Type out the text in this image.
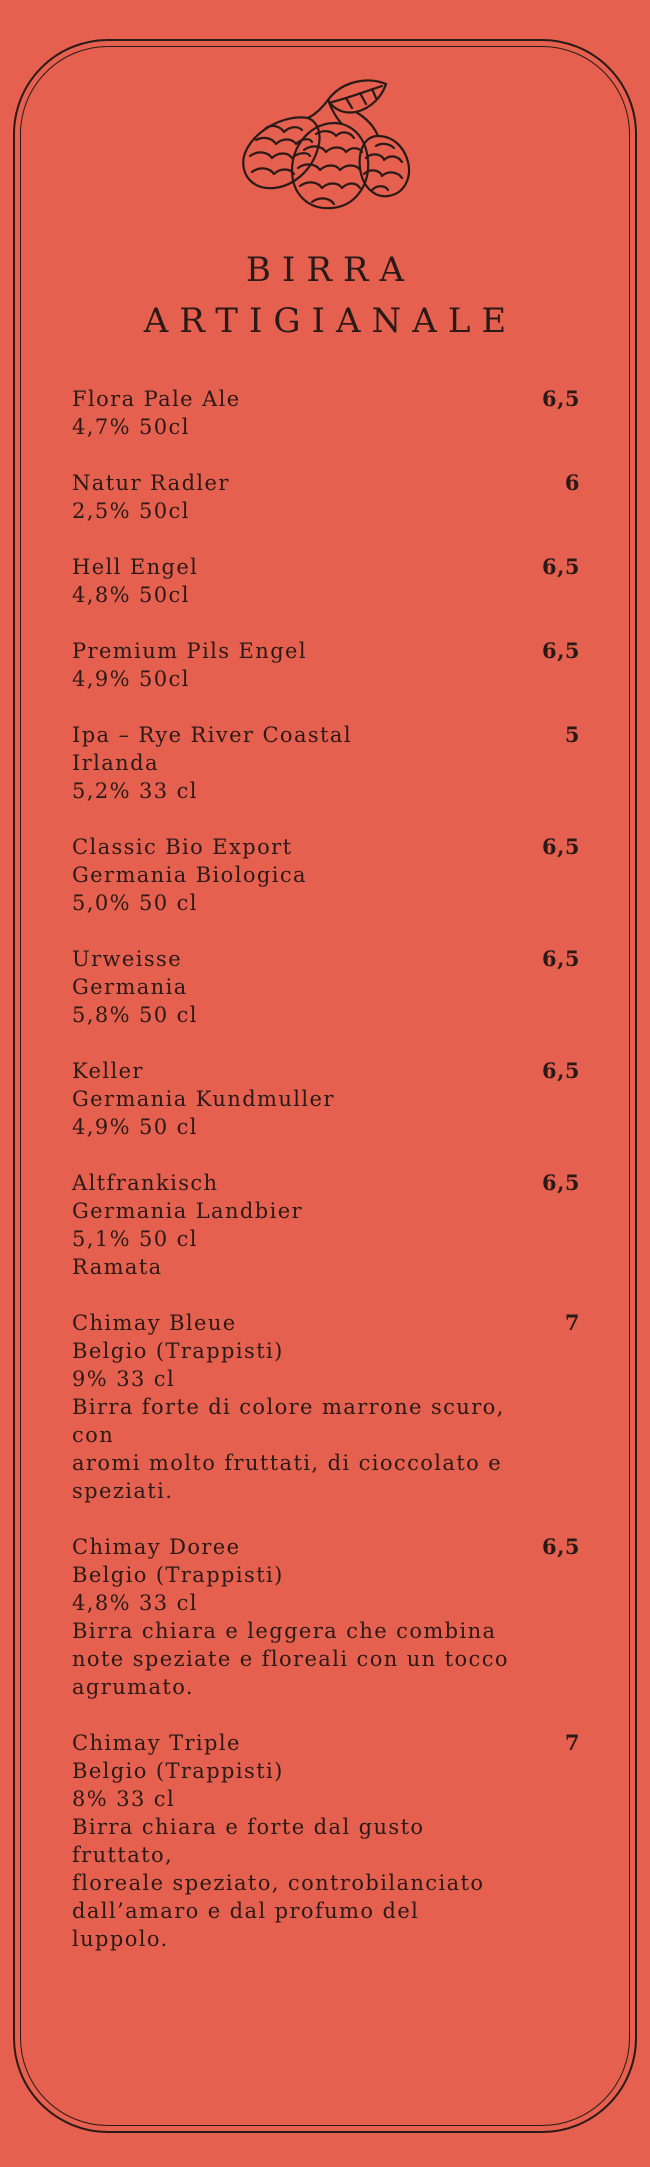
BIRRA
ARTIGIANALE
Flora Pale Ale
4,7% 50cl
6,5
Natur Radler
2,5% 50cl
6
Hell Engel
4,8% 50cl
6,5
Premium Pils Engel
4,9% 50cl
6,5
Ipa – Rye River Coastal
Irlanda
5,2% 33 cl
5
Classic Bio Export
Germania Biologica
5,0% 50 cl
6,5
Urweisse
Germania
5,8% 50 cl
6,5
Keller
Germania Kundmuller
4,9% 50 cl
6,5
Altfrankisch
Germania Landbier
5,1% 50 cl
Ramata
6,5
Chimay Bleue
Belgio (Trappisti)
9% 33 cl
Birra forte di colore marrone scuro, con
aromi molto fruttati, di cioccolato e
speziati.
7
Chimay Doree
Belgio (Trappisti)
4,8% 33 cl
Birra chiara e leggera che combina
note speziate e floreali con un tocco
agrumato.
6,5
Chimay Triple
Belgio (Trappisti)
8% 33 cl
Birra chiara e forte dal gusto fruttato,
floreale speziato, controbilanciato
dall’amaro e dal profumo del luppolo.
7
